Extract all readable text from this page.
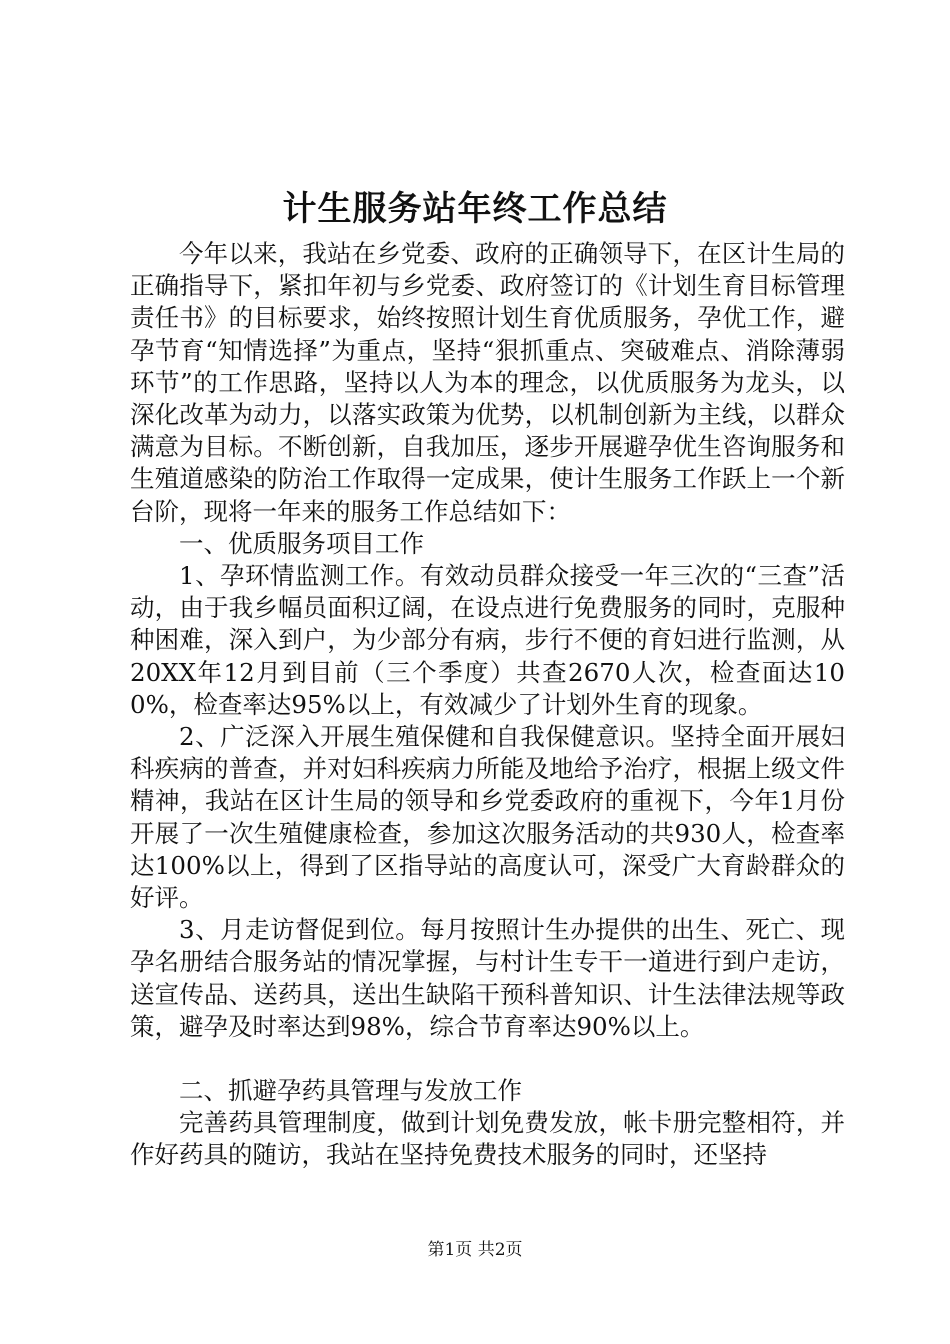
计生服务站年终工作总结

今年以来，我站在乡党委、政府的正确领导下，在区计生局的正确指导下，紧扣年初与乡党委、政府签订的《计划生育目标管理责任书》的目标要求，始终按照计划生育优质服务，孕优工作，避孕节育“知情选择”为重点，坚持“狠抓重点、突破难点、消除薄弱环节”的工作思路，坚持以人为本的理念，以优质服务为龙头，以深化改革为动力，以落实政策为优势，以机制创新为主线，以群众满意为目标。不断创新，自我加压，逐步开展避孕优生咨询服务和生殖道感染的防治工作取得一定成果，使计生服务工作跃上一个新台阶，现将一年来的服务工作总结如下：

一、优质服务项目工作

1、孕环情监测工作。有效动员群众接受一年三次的“三查”活动，由于我乡幅员面积辽阔，在设点进行免费服务的同时，克服种种困难，深入到户，为少部分有病，步行不便的育妇进行监测，从20XX年12月到目前（三个季度）共查2670人次，检查面达100%，检查率达95%以上，有效减少了计划外生育的现象。

2、广泛深入开展生殖保健和自我保健意识。坚持全面开展妇科疾病的普查，并对妇科疾病力所能及地给予治疗，根据上级文件精神，我站在区计生局的领导和乡党委政府的重视下，今年1月份开展了一次生殖健康检查，参加这次服务活动的共930人，检查率达100%以上，得到了区指导站的高度认可，深受广大育龄群众的好评。

3、月走访督促到位。每月按照计生办提供的出生、死亡、现孕名册结合服务站的情况掌握，与村计生专干一道进行到户走访，送宣传品、送药具，送出生缺陷干预科普知识、计生法律法规等政策，避孕及时率达到98%，综合节育率达90%以上。

二、抓避孕药具管理与发放工作

完善药具管理制度，做到计划免费发放，帐卡册完整相符，并作好药具的随访，我站在坚持免费技术服务的同时，还坚持

第1页 共2页
